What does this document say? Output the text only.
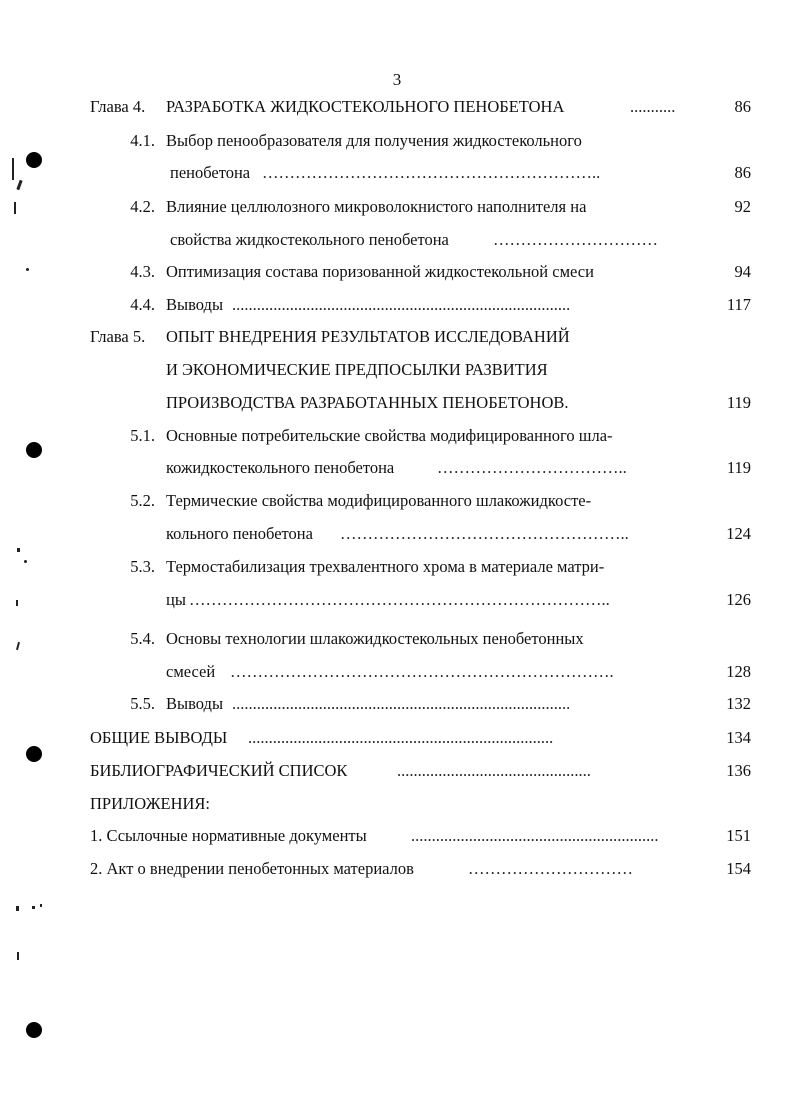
3
Глава 4. РАЗРАБОТКА ЖИДКОСТЕКОЛЬНОГО ПЕНОБЕТОНА	...........	86
4.1. Выбор пенообразователя для получения жидкостекольного
пенобетона ……………………………………………………..	86
4.2. Влияние целлюлозного микроволокнистого наполнителя на	92
свойства жидкостекольного пенобетона	…………………………
4.3. Оптимизация состава поризованной жидкостекольной смеси	94
4.4. Выводы ..................................................................................	117
Глава 5. ОПЫТ ВНЕДРЕНИЯ РЕЗУЛЬТАТОВ ИССЛЕДОВАНИЙ
И ЭКОНОМИЧЕСКИЕ ПРЕДПОСЫЛКИ РАЗВИТИЯ
ПРОИЗВОДСТВА РАЗРАБОТАННЫХ ПЕНОБЕТОНОВ.	119
5.1. Основные потребительские свойства модифицированного шла-
кожидкостекольного пенобетона	……………………………..	119
5.2. Термические свойства модифицированного шлакожидкосте-
кольного пенобетона ……………………………………………..	124
5.3. Термостабилизация трехвалентного хрома в материале матри-
цы …………………………………………………………………..	126
5.4. Основы технологии шлакожидкостекольных пенобетонных
смесей …………………………………………………………….	128
5.5. Выводы ..................................................................................	132
ОБЩИЕ ВЫВОДЫ ..........................................................................	134
БИБЛИОГРАФИЧЕСКИЙ СПИСОК	...............................................	136
ПРИЛОЖЕНИЯ:
1. Ссылочные нормативные документы	............................................................	151
2. Акт о внедрении пенобетонных материалов	…………………………	154
